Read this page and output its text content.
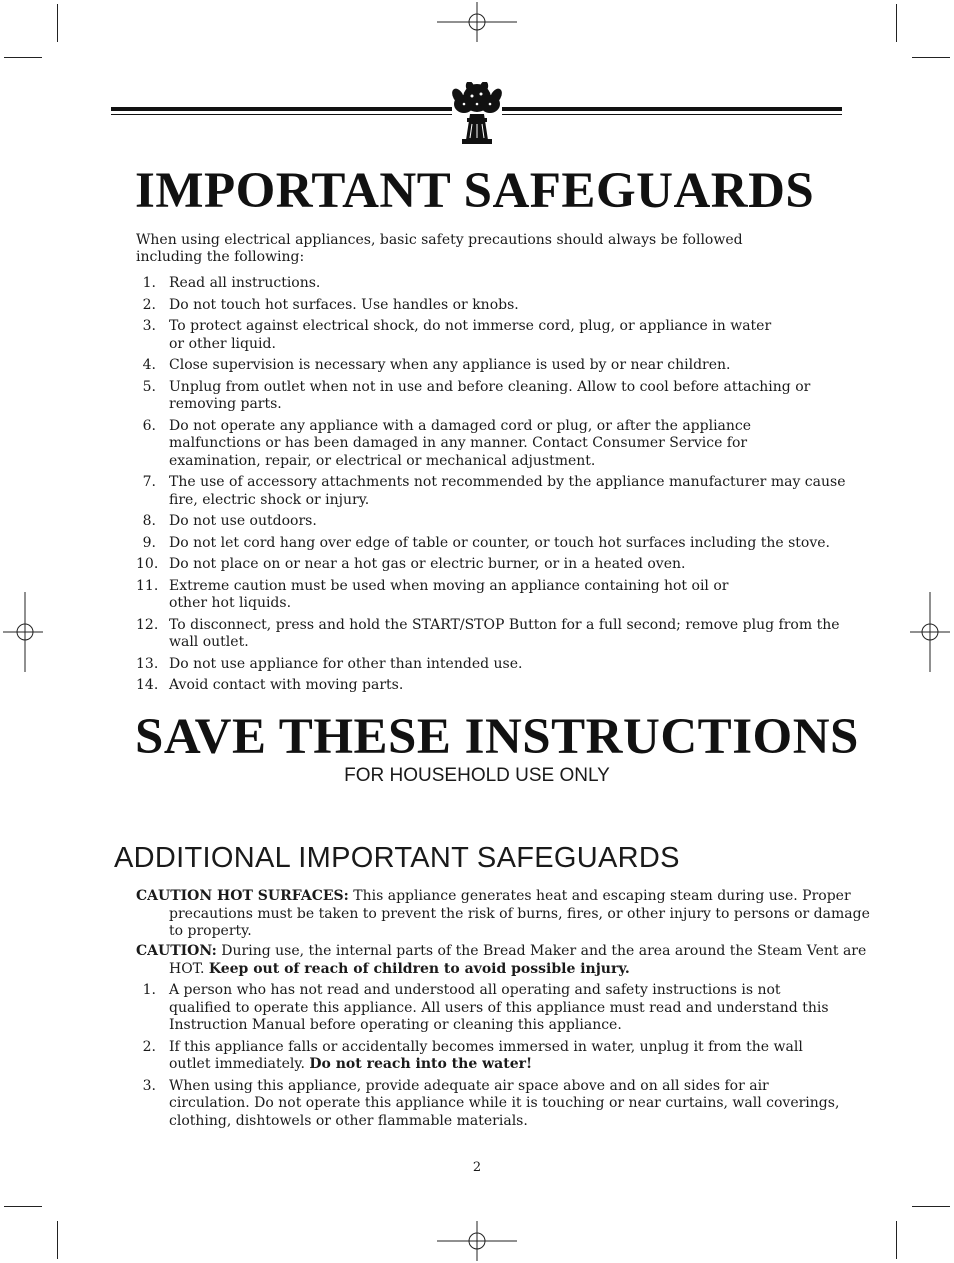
IMPORTANT SAFEGUARDS

When using electrical appliances, basic safety precautions should always be followed including the following:

1. Read all instructions.
2. Do not touch hot surfaces. Use handles or knobs.
3. To protect against electrical shock, do not immerse cord, plug, or appliance in water or other liquid.
4. Close supervision is necessary when any appliance is used by or near children.
5. Unplug from outlet when not in use and before cleaning. Allow to cool before attaching or removing parts.
6. Do not operate any appliance with a damaged cord or plug, or after the appliance malfunctions or has been damaged in any manner. Contact Consumer Service for examination, repair, or electrical or mechanical adjustment.
7. The use of accessory attachments not recommended by the appliance manufacturer may cause fire, electric shock or injury.
8. Do not use outdoors.
9. Do not let cord hang over edge of table or counter, or touch hot surfaces including the stove.
10. Do not place on or near a hot gas or electric burner, or in a heated oven.
11. Extreme caution must be used when moving an appliance containing hot oil or other hot liquids.
12. To disconnect, press and hold the START/STOP Button for a full second; remove plug from the wall outlet.
13. Do not use appliance for other than intended use.
14. Avoid contact with moving parts.
SAVE THESE INSTRUCTIONS

FOR HOUSEHOLD USE ONLY

ADDITIONAL IMPORTANT SAFEGUARDS

CAUTION HOT SURFACES: This appliance generates heat and escaping steam during use. Proper precautions must be taken to prevent the risk of burns, fires, or other injury to persons or damage to property.

CAUTION: During use, the internal parts of the Bread Maker and the area around the Steam Vent are HOT. Keep out of reach of children to avoid possible injury.

1. A person who has not read and understood all operating and safety instructions is not qualified to operate this appliance. All users of this appliance must read and understand this Instruction Manual before operating or cleaning this appliance.
2. If this appliance falls or accidentally becomes immersed in water, unplug it from the wall outlet immediately. Do not reach into the water!
3. When using this appliance, provide adequate air space above and on all sides for air circulation. Do not operate this appliance while it is touching or near curtains, wall coverings, clothing, dishtowels or other flammable materials.

2
